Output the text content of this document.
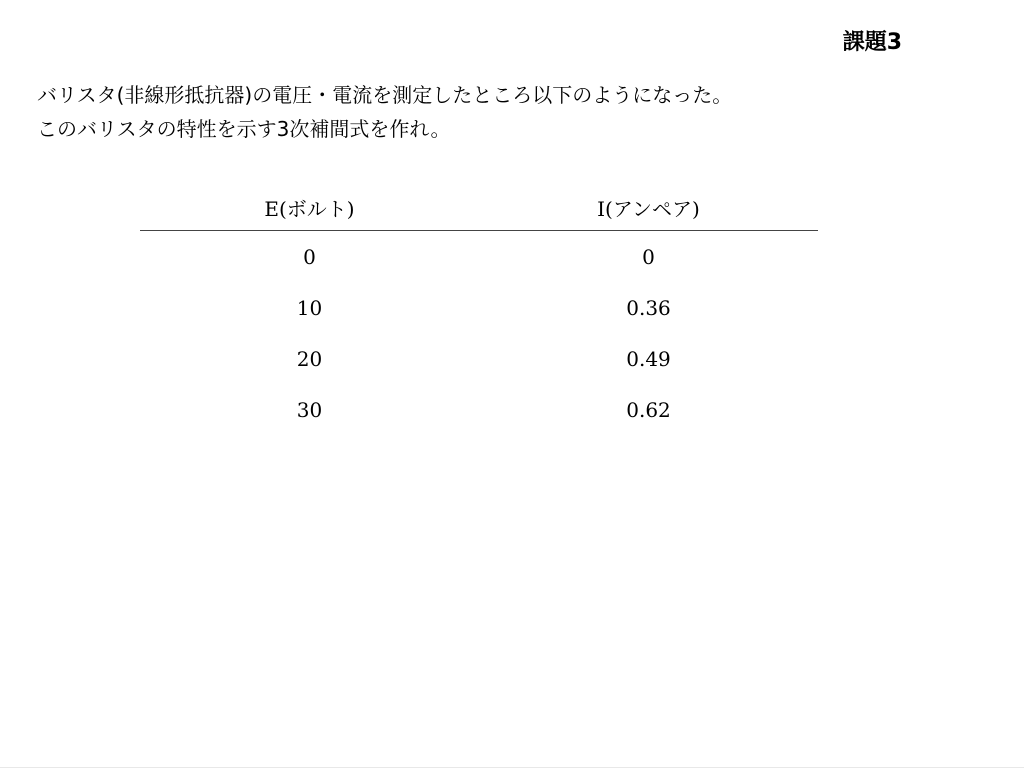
課題3
バリスタ(非線形抵抗器)の電圧・電流を測定したところ以下のようになった。
このバリスタの特性を示す3次補間式を作れ。
E(ボルト)	I(アンペア)
0	0
10	0.36
20	0.49
30	0.62
